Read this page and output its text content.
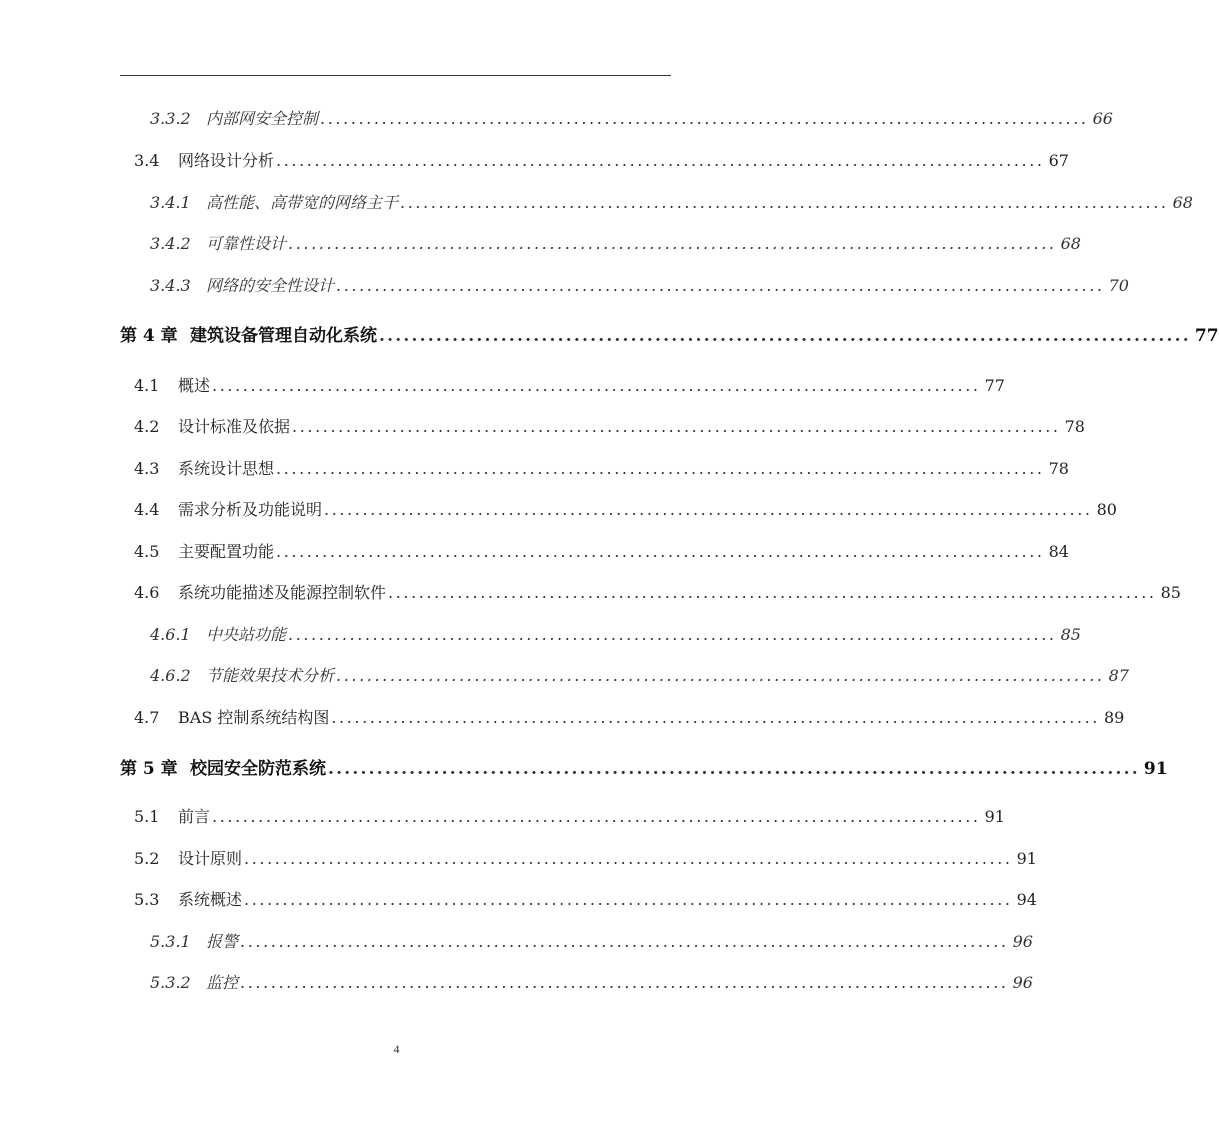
3.3.2 内部网安全控制 .................................................................................................... 66
3.4	网络设计分析 .................................................................................................... 67
3.4.1 高性能、高带宽的网络主干 .................................................................................................... 68
3.4.2 可靠性设计 .................................................................................................... 68
3.4.3 网络的安全性设计 .................................................................................................... 70
第 4 章 建筑设备管理自动化系统 .................................................................................................... 77
4.1	概述 .................................................................................................... 77
4.2	设计标准及依据 .................................................................................................... 78
4.3	系统设计思想 .................................................................................................... 78
4.4	需求分析及功能说明 .................................................................................................... 80
4.5	主要配置功能 .................................................................................................... 84
4.6	系统功能描述及能源控制软件 .................................................................................................... 85
4.6.1 中央站功能 .................................................................................................... 85
4.6.2 节能效果技术分析 .................................................................................................... 87
4.7	BAS 控制系统结构图 .................................................................................................... 89
第 5 章 校园安全防范系统 .................................................................................................... 91
5.1	前言 .................................................................................................... 91
5.2	设计原则 .................................................................................................... 91
5.3	系统概述 .................................................................................................... 94
5.3.1 报警 .................................................................................................... 96
5.3.2 监控 .................................................................................................... 96
4
